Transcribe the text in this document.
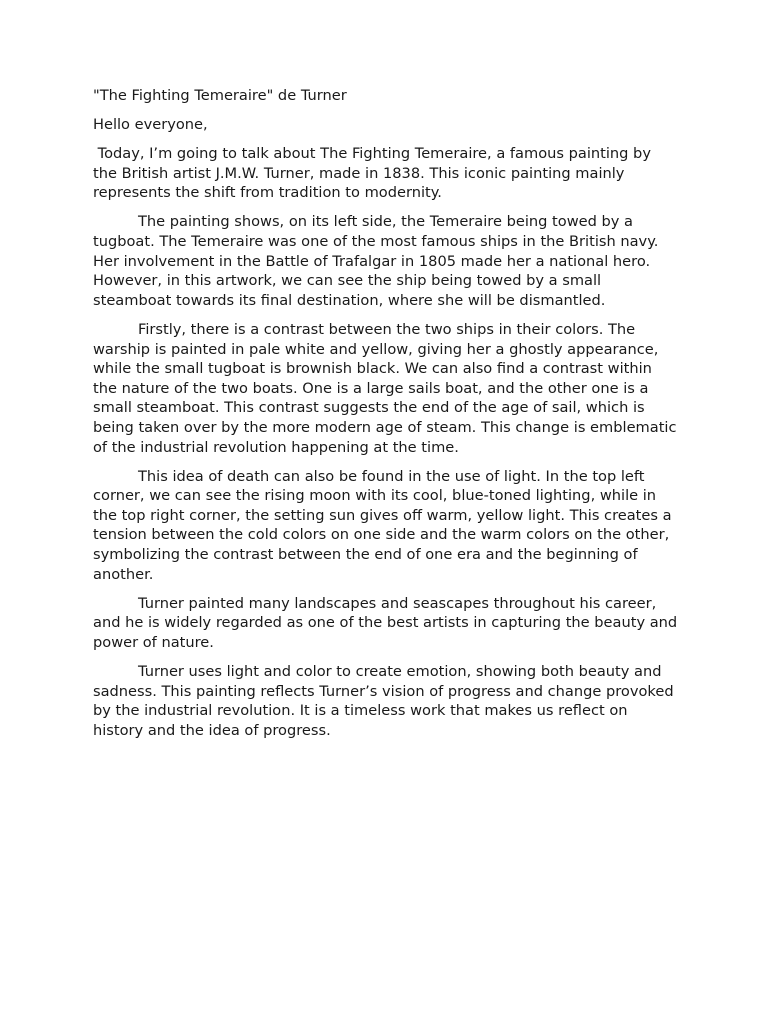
"The Fighting Temeraire" de Turner

Hello everyone,

Today, I’m going to talk about The Fighting Temeraire, a famous painting by the British artist J.M.W. Turner, made in 1838. This iconic painting mainly represents the shift from tradition to modernity.

The painting shows, on its left side, the Temeraire being towed by a tugboat. The Temeraire was one of the most famous ships in the British navy. Her involvement in the Battle of Trafalgar in 1805 made her a national hero. However, in this artwork, we can see the ship being towed by a small steamboat towards its final destination, where she will be dismantled.

Firstly, there is a contrast between the two ships in their colors. The warship is painted in pale white and yellow, giving her a ghostly appearance, while the small tugboat is brownish black. We can also find a contrast within the nature of the two boats. One is a large sails boat, and the other one is a small steamboat. This contrast suggests the end of the age of sail, which is being taken over by the more modern age of steam. This change is emblematic of the industrial revolution happening at the time.

This idea of death can also be found in the use of light. In the top left corner, we can see the rising moon with its cool, blue-toned lighting, while in the top right corner, the setting sun gives off warm, yellow light. This creates a tension between the cold colors on one side and the warm colors on the other, symbolizing the contrast between the end of one era and the beginning of another.

Turner painted many landscapes and seascapes throughout his career, and he is widely regarded as one of the best artists in capturing the beauty and power of nature.

Turner uses light and color to create emotion, showing both beauty and sadness. This painting reflects Turner’s vision of progress and change provoked by the industrial revolution. It is a timeless work that makes us reflect on history and the idea of progress.
